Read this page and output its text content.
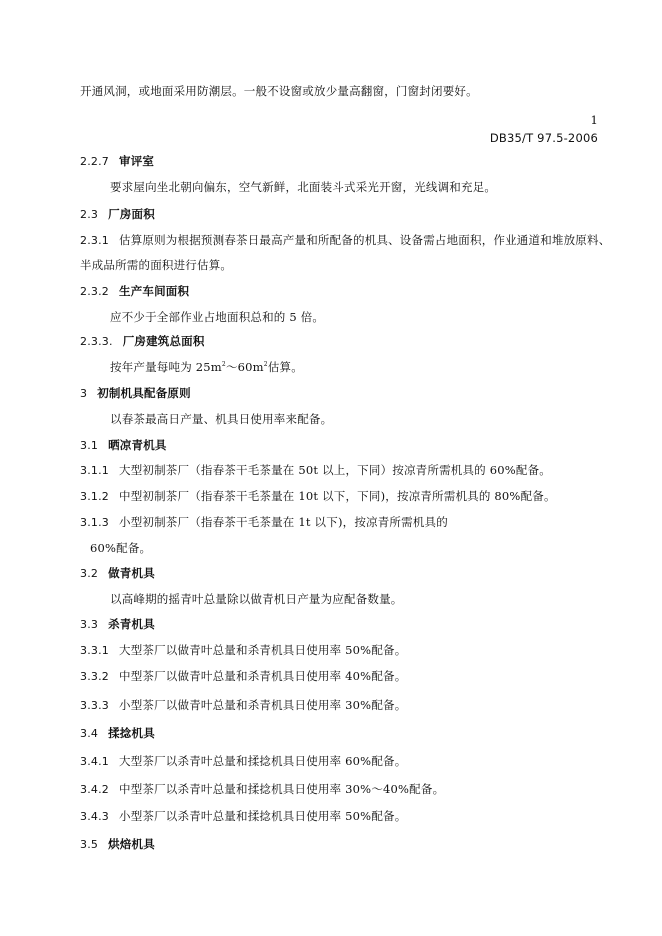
开通风洞，或地面采用防潮层。一般不设窗或放少量高翻窗，门窗封闭要好。
1
DB35/T 97.5-2006
2.2.7 审评室
要求屋向坐北朝向偏东，空气新鲜，北面装斗式采光开窗，光线调和充足。
2.3 厂房面积
2.3.1 估算原则为根据预测春茶日最高产量和所配备的机具、设备需占地面积，作业通道和堆放原料、
半成品所需的面积进行估算。
2.3.2 生产车间面积
应不少于全部作业占地面积总和的 5 倍。
2.3.3. 厂房建筑总面积
按年产量每吨为 $25m^2\sim 60m^2$估算。
3 初制机具配备原则
以春茶最高日产量、机具日使用率来配备。
3.1 晒凉青机具
3.1.1 大型初制茶厂（指春茶干毛茶量在 50t 以上，下同）按凉青所需机具的 60%配备。
3.1.2 中型初制茶厂（指春茶干毛茶量在 10t 以下，下同)，按凉青所需机具的 80%配备。
3.1.3 小型初制茶厂（指春茶干毛茶量在 1t 以下)，按凉青所需机具的
60%配备。
3.2 做青机具
以高峰期的摇青叶总量除以做青机日产量为应配备数量。
3.3 杀青机具
3.3.1 大型茶厂以做青叶总量和杀青机具日使用率 50%配备。
3.3.2 中型茶厂以做青叶总量和杀青机具日使用率 40%配备。
3.3.3 小型茶厂以做青叶总量和杀青机具日使用率 30%配备。
3.4 揉捻机具
3.4.1 大型茶厂以杀青叶总量和揉捻机具日使用率 60%配备。
3.4.2 中型茶厂以杀青叶总量和揉捻机具日使用率 30%～40%配备。
3.4.3 小型茶厂以杀青叶总量和揉捻机具日使用率 50%配备。
3.5 烘焙机具
